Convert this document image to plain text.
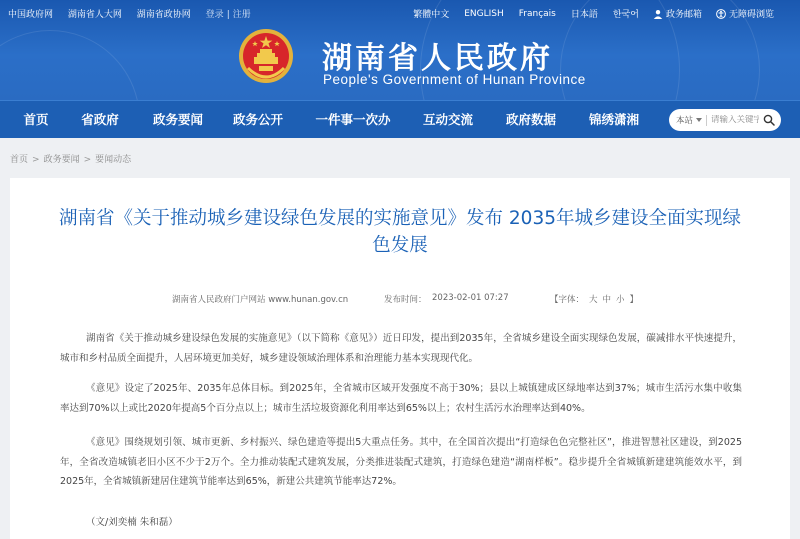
中国政府网 湖南省人大网 湖南省政协网 登录 | 注册	繁體中文 ENGLISH Français 日本語 한국어	政务邮箱	无障碍浏览
湖南省人民政府
People's Government of Hunan Province
首页	省政府	政务要闻	政务公开	一件事一次办	互动交流	政府数据	锦绣潇湘	本站
请输入关键字
首页 > 政务要闻 > 要闻动态
湖南省《关于推动城乡建设绿色发展的实施意见》发布 2035年城乡建设全面实现绿色发展
湖南省人民政府门户网站 www.hunan.gov.cn	发布时间： 2023-02-01 07:27	【字体： 大 中 小 】

湖南省《关于推动城乡建设绿色发展的实施意见》（以下简称《意见》）近日印发，提出到2035年，全省城乡建设全面实现绿色发展，碳减排水平快速提升，城市和乡村品质全面提升，人居环境更加美好，城乡建设领域治理体系和治理能力基本实现现代化。

《意见》设定了2025年、2035年总体目标。到2025年，全省城市区域开发强度不高于30%；县以上城镇建成区绿地率达到37%；城市生活污水集中收集率达到70%以上或比2020年提高5个百分点以上；城市生活垃圾资源化利用率达到65%以上；农村生活污水治理率达到40%。

《意见》围绕规划引领、城市更新、乡村振兴、绿色建造等提出5大重点任务。其中，在全国首次提出“打造绿色色完整社区”，推进智慧社区建设，到2025年，全省改造城镇老旧小区不少于2万个。全力推动装配式建筑发展，分类推进装配式建筑，打造绿色建造“湖南样板”。稳步提升全省城镇新建建筑能效水平，到2025年，全省城镇新建居住建筑节能率达到65%，新建公共建筑节能率达72%。

（文/刘奕楠 朱和磊）
